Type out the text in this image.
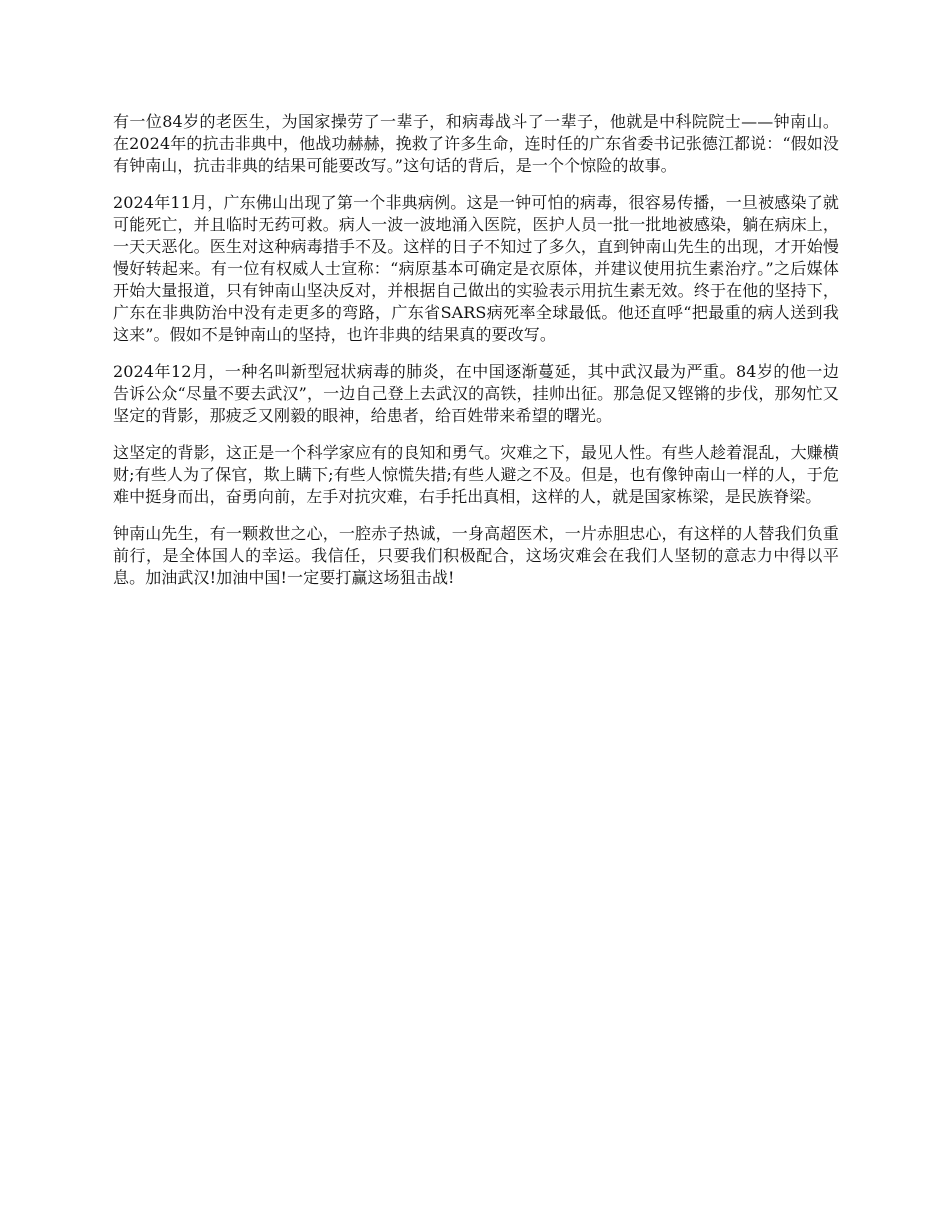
有一位84岁的老医生，为国家操劳了一辈子，和病毒战斗了一辈子，他就是中科院院士——钟南山。在2024年的抗击非典中，他战功赫赫，挽救了许多生命，连时任的广东省委书记张德江都说：“假如没有钟南山，抗击非典的结果可能要改写。”这句话的背后，是一个个惊险的故事。

2024年11月，广东佛山出现了第一个非典病例。这是一钟可怕的病毒，很容易传播，一旦被感染了就可能死亡，并且临时无药可救。病人一波一波地涌入医院，医护人员一批一批地被感染，躺在病床上，一天天恶化。医生对这种病毒措手不及。这样的日子不知过了多久，直到钟南山先生的出现，才开始慢慢好转起来。有一位有权威人士宣称：“病原基本可确定是衣原体，并建议使用抗生素治疗。”之后媒体开始大量报道，只有钟南山坚决反对，并根据自己做出的实验表示用抗生素无效。终于在他的坚持下，广东在非典防治中没有走更多的弯路，广东省SARS病死率全球最低。他还直呼“把最重的病人送到我这来”。假如不是钟南山的坚持，也许非典的结果真的要改写。

2024年12月，一种名叫新型冠状病毒的肺炎，在中国逐渐蔓延，其中武汉最为严重。84岁的他一边告诉公众“尽量不要去武汉”，一边自己登上去武汉的高铁，挂帅出征。那急促又铿锵的步伐，那匆忙又坚定的背影，那疲乏又刚毅的眼神，给患者，给百姓带来希望的曙光。

这坚定的背影，这正是一个科学家应有的良知和勇气。灾难之下，最见人性。有些人趁着混乱，大赚横财;有些人为了保官，欺上瞒下;有些人惊慌失措;有些人避之不及。但是，也有像钟南山一样的人，于危难中挺身而出，奋勇向前，左手对抗灾难，右手托出真相，这样的人，就是国家栋梁，是民族脊梁。

钟南山先生，有一颗救世之心，一腔赤子热诚，一身高超医术，一片赤胆忠心，有这样的人替我们负重前行，是全体国人的幸运。我信任，只要我们积极配合，这场灾难会在我们人坚韧的意志力中得以平息。加油武汉!加油中国!一定要打赢这场狙击战!
